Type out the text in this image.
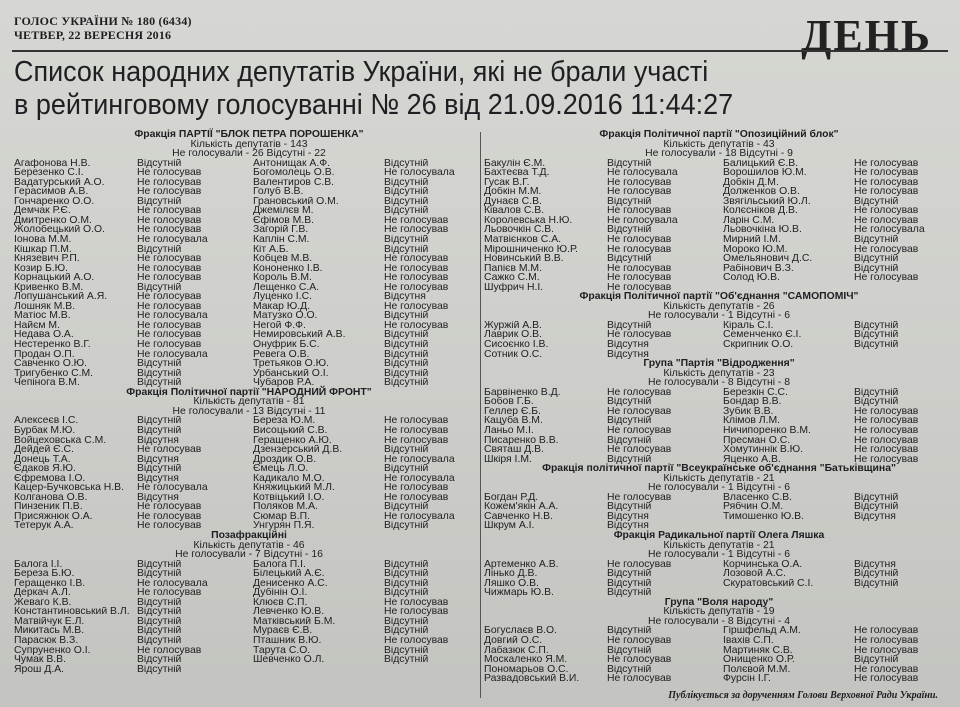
ГОЛОС УКРАЇНИ № 180 (6434)
ЧЕТВЕР, 22 ВЕРЕСНЯ 2016	ДЕНЬ
Список народних депутатів України, які не брали участі
в рейтинговому голосуванні № 26 від 21.09.2016 11:44:27
Фракція ПАРТІЇ "БЛОК ПЕТРА ПОРОШЕНКА"
Кількість депутатів - 143
Не голосували - 26 Відсутні - 22
Агафонова Н.В.	Відсутній	Антонищак А.Ф.	Відсутній
Березенко С.І.	Не голосував	Богомолець О.В.	Не голосувала
Вадатурський А.О.	Не голосував	Валентиров С.В.	Відсутній
Герасимов А.В.	Не голосував	Голуб В.В.	Відсутній
Гончаренко О.О.	Відсутній	Грановський О.М.	Відсутній
Демчак Р.Є.	Не голосував	Джемілєв М.	Відсутній
Дмитренко О.М.	Не голосував	Єфімов М.В.	Не голосував
Жолобецький О.О.	Не голосував	Загорій Г.В.	Не голосував
Іонова М.М.	Не голосувала	Каплін С.М.	Відсутній
Кішкар П.М.	Відсутній	Кіт А.Б.	Відсутній
Князевич Р.П.	Не голосував	Кобцев М.В.	Не голосував
Козир Б.Ю.	Не голосував	Кононенко І.В.	Не голосував
Корнацький А.О.	Не голосував	Король В.М.	Не голосував
Кривенко В.М.	Відсутній	Лещенко С.А.	Не голосував
Лопушанський А.Я.	Не голосував	Луценко І.С.	Відсутня
Лошняк М.В.	Не голосував	Макар Ю.Д.	Не голосував
Матіос М.В.	Не голосувала	Матузко О.О.	Відсутній
Найєм М.	Не голосував	Негой Ф.Ф.	Не голосував
Недава О.А.	Не голосував	Немировський А.В.	Відсутній
Нестеренко В.Г.	Не голосував	Онуфрик Б.С.	Відсутній
Продан О.П.	Не голосувала	Ревега О.В.	Відсутній
Савченко О.Ю.	Відсутній	Третьяков О.Ю.	Відсутній
Тригубенко С.М.	Відсутній	Урбанський О.І.	Відсутній
Чепінога В.М.	Відсутній	Чубаров Р.А.	Відсутній
Фракція Політичної партії "НАРОДНИЙ ФРОНТ"
Кількість депутатів - 81
Не голосували - 13 Відсутні - 11
Алексеєв І.С.	Відсутній	Береза Ю.М.	Не голосував
Бурбак М.Ю.	Відсутній	Висоцький С.В.	Не голосував
Войцеховська С.М.	Відсутня	Геращенко А.Ю.	Не голосував
Дейдей Є.С.	Не голосував	Дзензерський Д.В.	Відсутній
Донець Т.А.	Відсутня	Дроздик О.В.	Не голосувала
Єдаков Я.Ю.	Відсутній	Ємець Л.О.	Відсутній
Єфремова І.О.	Відсутня	Кадикало М.О.	Не голосувала
Кацер-Бучковська Н.В.	Не голосувала	Княжицький М.Л.	Не голосував
Колганова О.В.	Відсутня	Котвіцький І.О.	Не голосував
Пинзеник П.В.	Не голосував	Поляков М.А.	Відсутній
Присяжнюк О.А.	Не голосував	Сюмар В.П.	Не голосувала
Тетерук А.А.	Не голосував	Унгурян П.Я.	Відсутній
Позафракційні
Кількість депутатів - 46
Не голосували - 7 Відсутні - 16
Балога І.І.	Відсутній	Балога П.І.	Відсутній
Береза Б.Ю.	Відсутній	Білецький А.Є.	Відсутній
Геращенко І.В.	Не голосувала	Денисенко А.С.	Відсутній
Деркач А.Л.	Не голосував	Дубінін О.І.	Відсутній
Жеваго К.В.	Відсутній	Клюєв С.П.	Не голосував
Константиновський В.Л. Відсутній	Левченко Ю.В.	Не голосував
Матвійчук Е.Л.	Відсутній	Матківський Б.М.	Відсутній
Микитась М.В.	Відсутній	Мураєв Є.В.	Відсутній
Парасюк В.З.	Відсутній	Пташник В.Ю.	Не голосував
Супруненко О.І.	Не голосував	Тарута С.О.	Відсутній
Чумак В.В.	Відсутній	Шевченко О.Л.	Відсутній
Ярош Д.А.	Відсутній
Фракція Політичної партії "Опозиційний блок"
Кількість депутатів - 43
Не голосували - 18 Відсутні - 9
Бакулін Є.М.	Відсутній	Балицький Є.В.	Не голосував
Бахтеєва Т.Д.	Не голосувала	Ворошилов Ю.М.	Не голосував
Гусак В.Г.	Не голосував	Добкін Д.М.	Не голосував
Добкін М.М.	Не голосував	Долженков О.В.	Не голосував
Дунаєв С.В.	Відсутній	Звягільський Ю.Л.	Відсутній
Ківалов С.В.	Не голосував	Колєсніков Д.В.	Не голосував
Королевська Н.Ю.	Не голосувала	Ларін С.М.	Не голосував
Льовочкін С.В.	Відсутній	Льовочкіна Ю.В.	Не голосувала
Матвієнков С.А.	Не голосував	Мирний І.М.	Відсутній
Мірошниченко Ю.Р.	Не голосував	Мороко Ю.М.	Не голосував
Новинський В.В.	Відсутній	Омельянович Д.С.	Відсутній
Папієв М.М.	Не голосував	Рабінович В.З.	Відсутній
Сажко С.М.	Не голосував	Солод Ю.В.	Не голосував
Шуфрич Н.І.	Не голосував
Фракція Політичної партії "Об'єднання "САМОПОМІЧ"
Кількість депутатів - 26
Не голосували - 1 Відсутні - 6
Журжій А.В.	Відсутній	Кіраль С.І.	Відсутній
Лаврик О.В.	Не голосував	Семенченко Є.І.	Відсутній
Сисоєнко І.В.	Відсутня	Скрипник О.О.	Відсутній
Сотник О.С.	Відсутня
Група "Партія "Відродження"
Кількість депутатів - 23
Не голосували - 8 Відсутні - 8
Барвіненко В.Д.	Не голосував	Березкін С.С.	Відсутній
Бобов Г.Б.	Відсутній	Бондар В.В.	Відсутній
Геллер Є.Б.	Не голосував	Зубик В.В.	Не голосував
Кацуба В.М.	Відсутній	Клімов Л.М.	Не голосував
Ланьо М.І.	Не голосував	Ничипоренко В.М.	Не голосував
Писаренко В.В.	Відсутній	Пресман О.С.	Не голосував
Святаш Д.В.	Не голосував	Хомутиннік В.Ю.	Не голосував
Шкіря І.М.	Відсутній	Яценко А.В.	Не голосував
Фракція політичної партії "Всеукраїнське об'єднання "Батьківщина"
Кількість депутатів - 21
Не голосували - 1 Відсутні - 6
Богдан Р.Д.	Не голосував	Власенко С.В.	Відсутній
Кожем'якін А.А.	Відсутній	Рябчин О.М.	Відсутній
Савченко Н.В.	Відсутня	Тимошенко Ю.В.	Відсутня
Шкрум А.І.	Відсутня
Фракція Радикальної партії Олега Ляшка
Кількість депутатів - 21
Не голосували - 1 Відсутні - 6
Артеменко А.В.	Не голосував	Корчинська О.А.	Відсутня
Лінько Д.В.	Відсутній	Лозовой А.С.	Відсутній
Ляшко О.В.	Відсутній	Скуратовський С.І.	Відсутній
Чижмарь Ю.В.	Відсутній
Група "Воля народу"
Кількість депутатів - 19
Не голосували - 8 Відсутні - 4
Богуслаєв В.О.	Відсутній	Гіршфельд А.М.	Не голосував
Довгий О.С.	Не голосував	Івахів С.П.	Не голосував
Лабазюк С.П.	Відсутній	Мартиняк С.В.	Не голосував
Москаленко Я.М.	Не голосував	Онищенко О.Р.	Відсутній
Пономарьов О.С.	Відсутній	Полєвой М.М.	Не голосував
Развадовський В.Й.	Не голосував	Фурсін І.Г.	Не голосував
Публікується за дорученням Голови Верховної Ради України.
